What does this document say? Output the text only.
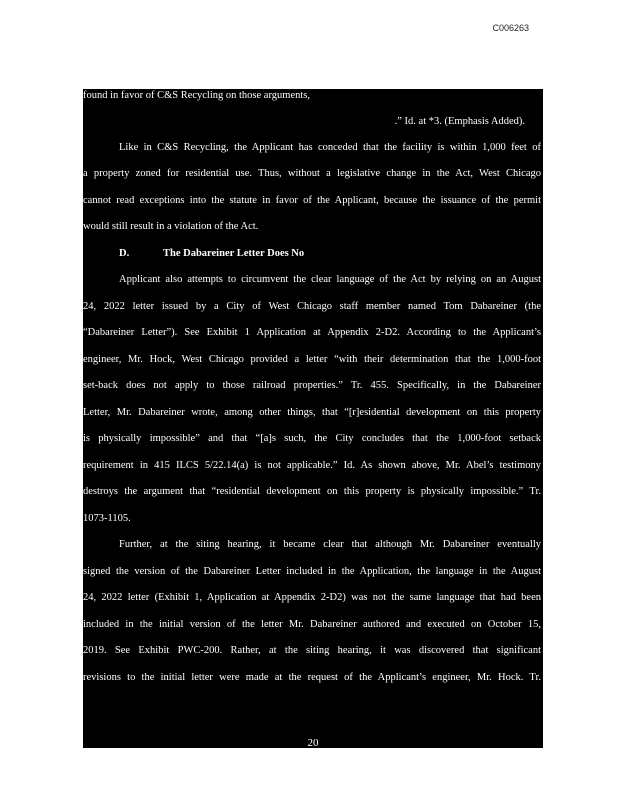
C006263
found in favor of C&S Recycling on those arguments,
.” Id. at *3. (Emphasis Added).
Like in C&S Recycling, the Applicant has conceded that the facility is within 1,000 feet of
a property zoned for residential use. Thus, without a legislative change in the Act, West Chicago
cannot read exceptions into the statute in favor of the Applicant, because the issuance of the permit
would still result in a violation of the Act.
D.	The Dabareiner Letter Does No
Applicant also attempts to circumvent the clear language of the Act by relying on an August
24, 2022 letter issued by a City of West Chicago staff member named Tom Dabareiner (the
“Dabareiner Letter”). See Exhibit 1 Application at Appendix 2-D2. According to the Applicant’s
engineer, Mr. Hock, West Chicago provided a letter “with their determination that the 1,000-foot
set-back does not apply to those railroad properties.” Tr. 455. Specifically, in the Dabareiner
Letter, Mr. Dabareiner wrote, among other things, that “[r]esidential development on this property
is physically impossible” and that “[a]s such, the City concludes that the 1,000-foot setback
requirement in 415 ILCS 5/22.14(a) is not applicable.” Id. As shown above, Mr. Abel’s testimony
destroys the argument that “residential development on this property is physically impossible.” Tr.
1073-1105.
Further, at the siting hearing, it became clear that although Mr. Dabareiner eventually
signed the version of the Dabareiner Letter included in the Application, the language in the August
24, 2022 letter (Exhibit 1, Application at Appendix 2-D2) was not the same language that had been
included in the initial version of the letter Mr. Dabareiner authored and executed on October 15,
2019. See Exhibit PWC-200. Rather, at the siting hearing, it was discovered that significant
revisions to the initial letter were made at the request of the Applicant’s engineer, Mr. Hock. Tr.
20
